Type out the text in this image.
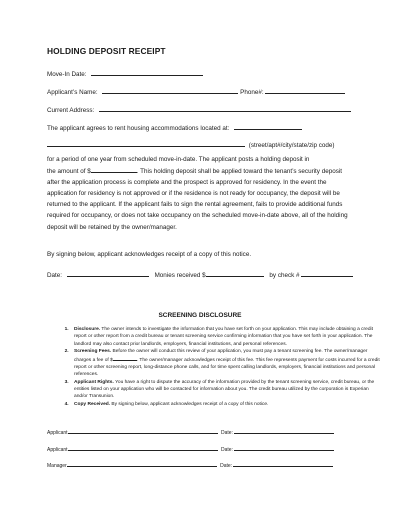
HOLDING DEPOSIT RECEIPT
Move-In Date:
Applicant’s Name:	Phone#:
Current Address:
The applicant agrees to rent housing accommodations located at:
(street/apt#/city/state/zip code)
for a period of one year from scheduled move-in-date. The applicant posts a holding deposit in
the amount of $	. This holding deposit shall be applied toward the tenant’s security deposit after the application process is complete and the prospect is approved for residency. In the event the application for residency is not approved or if the residence is not ready for occupancy, the deposit will be returned to the applicant. If the applicant fails to sign the rental agreement, fails to provide additional funds required for occupancy, or does not take occupancy on the scheduled move-in-date above, all of the holding deposit will be retained by the owner/manager.
By signing below, applicant acknowledges receipt of a copy of this notice.
Date:	Monies received $	by check #
SCREENING DISCLOSURE
1. Disclosure. The owner intends to investigate the information that you have set forth on your application. This may include obtaining a credit report or other report from a credit bureau or tenant screening service confirming information that you have set forth in your application. The landlord may also contact prior landlords, employers, financial institutions, and personal references.
2. Screening Fees. Before the owner will conduct this review of your application, you must pay a tenant screening fee. The owner/manager charges a fee of $	. The owner/manager acknowledges receipt of this fee. This fee represents payment for costs incurred for a credit report or other screening report, long-distance phone calls, and for time spent calling landlords, employers, financial institutions and personal references.
3. Applicant Rights. You have a right to dispute the accuracy of the information provided by the tenant screening service, credit bureau, or the entities listed on your application who will be contacted for information about you. The credit bureau utilized by the corporation is Experian and/or Transunion.
4. Copy Received. By signing below, applicant acknowledges receipt of a copy of this notice.
Applicant	Date:
Applicant	Date:
Manager	Date:
